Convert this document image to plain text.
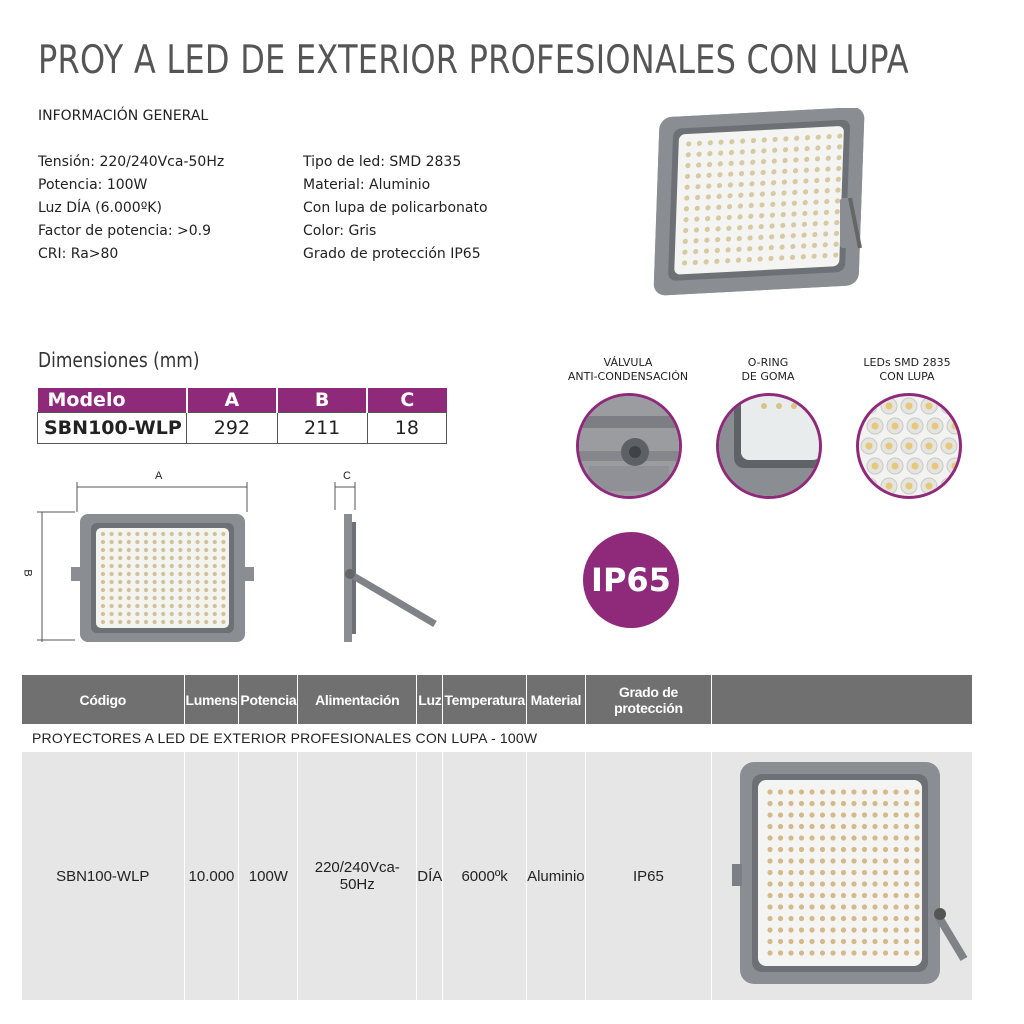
PROY A LED DE EXTERIOR PROFESIONALES CON LUPA
INFORMACIÓN GENERAL
Tensión: 220/240Vca-50Hz
Potencia: 100W
Luz DÍA (6.000ºK)
Factor de potencia: >0.9
CRI: Ra>80
Tipo de led: SMD 2835
Material: Aluminio
Con lupa de policarbonato
Color: Gris
Grado de protección IP65
Dimensiones (mm)
Modelo	A	B	C
SBN100-WLP	292	211	18
A
B
C
VÁLVULA
ANTI-CONDENSACIÓN
O-RING
DE GOMA
LEDs SMD 2835
CON LUPA
IP65
Código	Lumens	Potencia	Alimentación	Luz	Temperatura	Material	Grado de protección	
PROYECTORES A LED DE EXTERIOR PROFESIONALES CON LUPA - 100W								
SBN100-WLP	10.000	100W	220/240Vca-50Hz	DÍA	6000ºk	Aluminio	IP65	
